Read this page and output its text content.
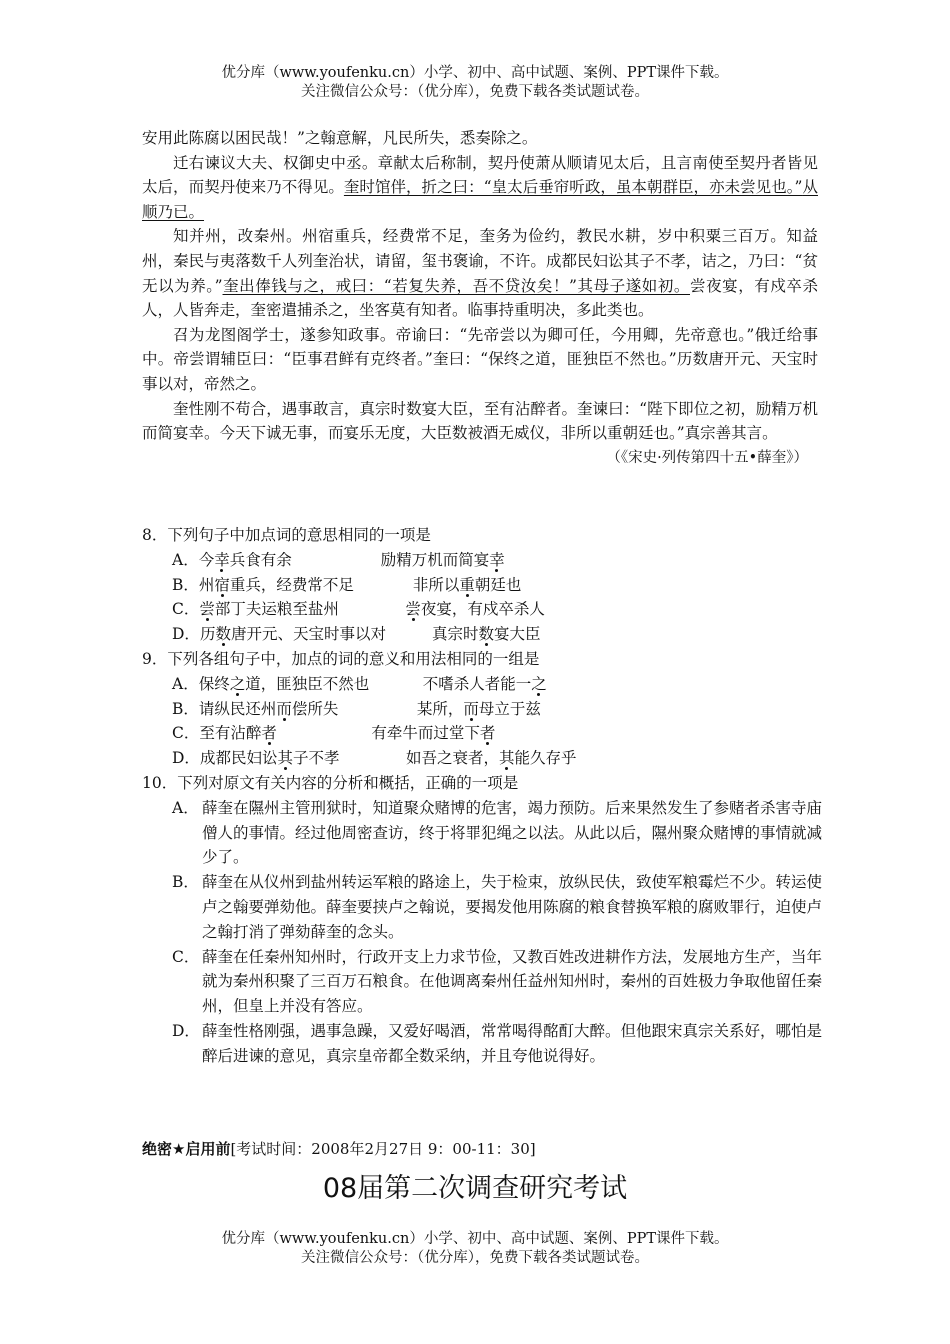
优分库（www.youfenku.cn）小学、初中、高中试题、案例、PPT课件下载。
关注微信公众号：（优分库），免费下载各类试题试卷。

安用此陈腐以困民哉！”之翰意解，凡民所失，悉奏除之。

迁右谏议大夫、权御史中丞。章献太后称制，契丹使萧从顺请见太后，且言南使至契丹者皆见太后，而契丹使来乃不得见。奎时馆伴，折之曰：“皇太后垂帘听政，虽本朝群臣，亦未尝见也。”从顺乃已。

知并州，改秦州。州宿重兵，经费常不足，奎务为俭约，教民水耕，岁中积粟三百万。知益州，秦民与夷落数千人列奎治状，请留，玺书褒谕，不许。成都民妇讼其子不孝，诘之，乃曰：“贫无以为养。”奎出俸钱与之，戒曰：“若复失养，吾不贷汝矣！”其母子遂如初。尝夜宴，有戍卒杀人，人皆奔走，奎密遣捕杀之，坐客莫有知者。临事持重明决，多此类也。

召为龙图阁学士，遂参知政事。帝谕曰：“先帝尝以为卿可任，今用卿，先帝意也。”俄迁给事中。帝尝谓辅臣曰：“臣事君鲜有克终者。”奎曰：“保终之道，匪独臣不然也。”历数唐开元、天宝时事以对，帝然之。

奎性刚不苟合，遇事敢言，真宗时数宴大臣，至有沾醉者。奎谏曰：“陛下即位之初，励精万机而简宴幸。今天下诚无事，而宴乐无度，大臣数被酒无威仪，非所以重朝廷也。”真宗善其言。

（《宋史·列传第四十五•薛奎》）

8．下列句子中加点词的意思相同的一项是

A．今幸兵食有余	励精万机而简宴幸
B．州宿重兵，经费常不足	非所以重朝廷也
C．尝部丁夫运粮至盐州	尝夜宴，有戍卒杀人
D．历数唐开元、天宝时事以对	真宗时数宴大臣

9．下列各组句子中，加点的词的意义和用法相同的一组是

A．保终之道，匪独臣不然也	不嗜杀人者能一之
B．请纵民还州而偿所失	某所，而母立于兹
C．至有沾醉者	有牵牛而过堂下者
D．成都民妇讼其子不孝	如吾之衰者，其能久存乎

10．下列对原文有关内容的分析和概括，正确的一项是

A． 薛奎在隰州主管刑狱时，知道聚众赌博的危害，竭力预防。后来果然发生了参赌者杀害寺庙僧人的事情。经过他周密查访，终于将罪犯绳之以法。从此以后，隰州聚众赌博的事情就减少了。
B． 薛奎在从仪州到盐州转运军粮的路途上，失于检束，放纵民伕，致使军粮霉烂不少。转运使卢之翰要弹劾他。薛奎要挟卢之翰说，要揭发他用陈腐的粮食替换军粮的腐败罪行，迫使卢之翰打消了弹劾薛奎的念头。
C． 薛奎在任秦州知州时，行政开支上力求节俭，又教百姓改进耕作方法，发展地方生产，当年就为秦州积聚了三百万石粮食。在他调离秦州任益州知州时，秦州的百姓极力争取他留任秦州，但皇上并没有答应。
D． 薛奎性格刚强，遇事急躁，又爱好喝酒，常常喝得酩酊大醉。但他跟宋真宗关系好，哪怕是醉后进谏的意见，真宗皇帝都全数采纳，并且夸他说得好。
绝密★启用前[考试时间：2008年2月27日 9：00-11：30]
08届第二次调查研究考试
优分库（www.youfenku.cn）小学、初中、高中试题、案例、PPT课件下载。
关注微信公众号：（优分库），免费下载各类试题试卷。
